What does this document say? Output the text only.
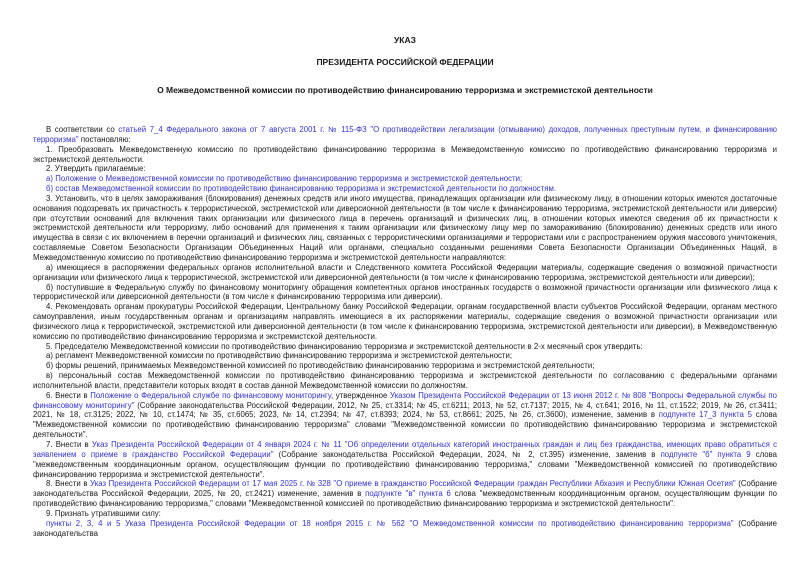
УКАЗ
ПРЕЗИДЕНТА РОССИЙСКОЙ ФЕДЕРАЦИИ
О Межведомственной комиссии по противодействию финансированию терроризма и экстремистской деятельности

В соответствии со статьей 7_4 Федерального закона от 7 августа 2001 г. № 115-ФЗ "О противодействии легализации (отмыванию) доходов, полученных преступным путем, и финансированию терроризма" постановляю:

1. Преобразовать Межведомственную комиссию по противодействию финансированию терроризма в Межведомственную комиссию по противодействию финансированию терроризма и экстремистской деятельности.

2. Утвердить прилагаемые:

а) Положение о Межведомственной комиссии по противодействию финансированию терроризма и экстремистской деятельности;

б) состав Межведомственной комиссии по противодействию финансированию терроризма и экстремистской деятельности по должностям.

3. Установить, что в целях замораживания (блокирования) денежных средств или иного имущества, принадлежащих организации или физическому лицу, в отношении которых имеются достаточные основания подозревать их причастность к террористической, экстремистской или диверсионной деятельности (в том числе к финансированию терроризма, экстремистской деятельности или диверсии) при отсутствии оснований для включения таких организации или физического лица в перечень организаций и физических лиц, в отношении которых имеются сведения об их причастности к экстремистской деятельности или терроризму, либо оснований для применения к таким организации или физическому лицу мер по замораживанию (блокированию) денежных средств или иного имущества в связи с их включением в перечни организаций и физических лиц, связанных с террористическими организациями и террористами или с распространением оружия массового уничтожения, составляемые Советом Безопасности Организации Объединенных Наций или органами, специально созданными решениями Совета Безопасности Организации Объединенных Наций, в Межведомственную комиссию по противодействию финансированию терроризма и экстремистской деятельности направляются:

а) имеющиеся в распоряжении федеральных органов исполнительной власти и Следственного комитета Российской Федерации материалы, содержащие сведения о возможной причастности организации или физического лица к террористической, экстремистской или диверсионной деятельности (в том числе к финансированию терроризма, экстремистской деятельности или диверсии);

б) поступившие в Федеральную службу по финансовому мониторингу обращения компетентных органов иностранных государств о возможной причастности организации или физического лица к террористической или диверсионной деятельности (в том числе к финансированию терроризма или диверсии).

4. Рекомендовать органам прокуратуры Российской Федерации, Центральному банку Российской Федерации, органам государственной власти субъектов Российской Федерации, органам местного самоуправления, иным государственным органам и организациям направлять имеющиеся в их распоряжении материалы, содержащие сведения о возможной причастности организации или физического лица к террористической, экстремистской или диверсионной деятельности (в том числе к финансированию терроризма, экстремистской деятельности или диверсии), в Межведомственную комиссию по противодействию финансированию терроризма и экстремистской деятельности.

5. Председателю Межведомственной комиссии по противодействию финансированию терроризма и экстремистской деятельности в 2-х месячный срок утвердить:

а) регламент Межведомственной комиссии по противодействию финансированию терроризма и экстремистской деятельности;

б) формы решений, принимаемых Межведомственной комиссией по противодействию финансированию терроризма и экстремистской деятельности;

в) персональный состав Межведомственной комиссии по противодействию финансированию терроризма и экстремистской деятельности по согласованию с федеральными органами исполнительной власти, представители которых входят в состав данной Межведомственной комиссии по должностям.

6. Внести в Положение о Федеральной службе по финансовому мониторингу, утвержденное Указом Президента Российской Федерации от 13 июня 2012 г. № 808 "Вопросы Федеральной службы по финансовому мониторингу" (Собрание законодательства Российской Федерации, 2012, № 25, ст.3314; № 45, ст.6211; 2013, № 52, ст.7137; 2015, № 4, ст.641; 2016, № 11, ст.1522; 2019, № 26, ст.3411; 2021, № 18, ст.3125; 2022, № 10, ст.1474; № 35, ст.6065; 2023, № 14, ст.2394; № 47, ст.8393; 2024, № 53, ст.8661; 2025, № 26, ст.3600), изменение, заменив в подпункте 17_3 пункта 5 слова "Межведомственной комиссии по противодействию финансированию терроризма" словами "Межведомственной комиссии по противодействию финансированию терроризма и экстремистской деятельности".

7. Внести в Указ Президента Российской Федерации от 4 января 2024 г. № 11 "Об определении отдельных категорий иностранных граждан и лиц без гражданства, имеющих право обратиться с заявлением о приеме в гражданство Российской Федерации" (Собрание законодательства Российской Федерации, 2024, № 2, ст.395) изменение, заменив в подпункте "б" пункта 9 слова "межведомственным координационным органом, осуществляющим функции по противодействию финансированию терроризма," словами "Межведомственной комиссией по противодействию финансированию терроризма и экстремистской деятельности".

8. Внести в Указ Президента Российской Федерации от 17 мая 2025 г. № 328 "О приеме в гражданство Российской Федерации граждан Республики Абхазия и Республики Южная Осетия" (Собрание законодательства Российской Федерации, 2025, № 20, ст.2421) изменение, заменив в подпункте "в" пункта 6 слова "межведомственным координационным органом, осуществляющим функции по противодействию финансированию терроризма," словами "Межведомственной комиссией по противодействию финансированию терроризма и экстремистской деятельности".

9. Признать утратившими силу:

пункты 2, 3, 4 и 5 Указа Президента Российской Федерации от 18 ноября 2015 г. № 562 "О Межведомственной комиссии по противодействию финансированию терроризма" (Собрание законодательства
